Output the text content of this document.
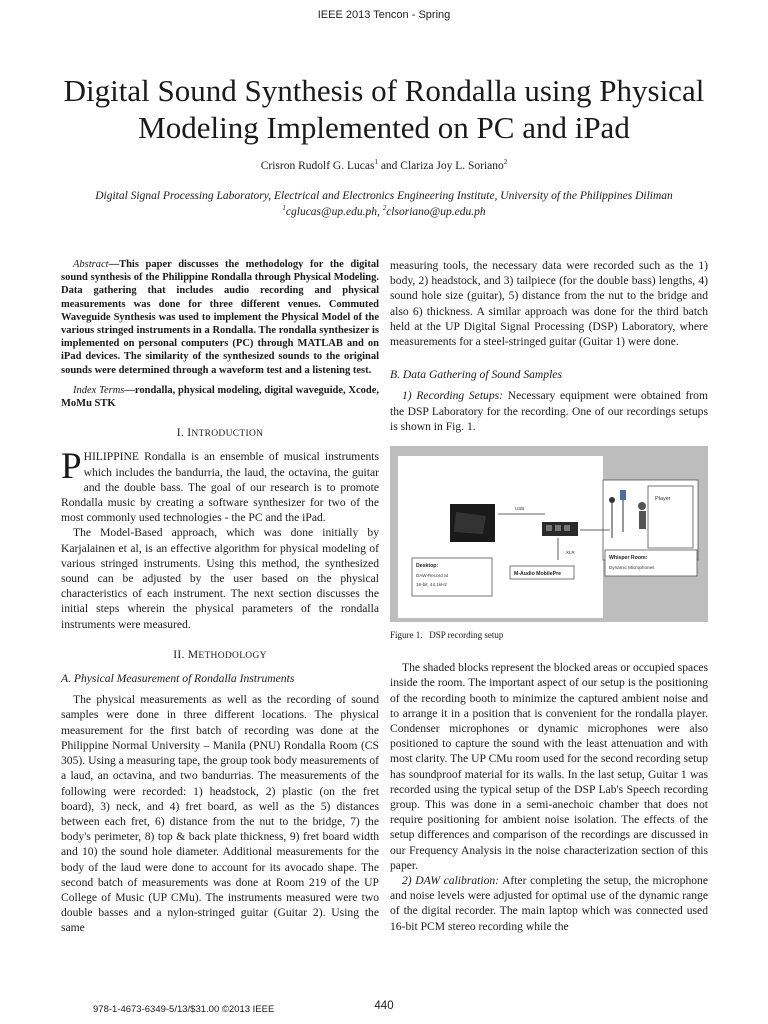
IEEE 2013 Tencon - Spring
Digital Sound Synthesis of Rondalla using Physical
Modeling Implemented on PC and iPad
Crisron Rudolf G. Lucas$^1$ and Clariza Joy L. Soriano$^2$
Digital Signal Processing Laboratory, Electrical and Electronics Engineering Institute, University of the Philippines Diliman
$^1$cglucas@up.edu.ph, $^2$clsoriano@up.edu.ph

Abstract—This paper discusses the methodology for the digital sound synthesis of the Philippine Rondalla through Physical Modeling. Data gathering that includes audio recording and physical measurements was done for three different venues. Commuted Waveguide Synthesis was used to implement the Physical Model of the various stringed instruments in a Rondalla. The rondalla synthesizer is implemented on personal computers (PC) through MATLAB and on iPad devices. The similarity of the synthesized sounds to the original sounds were determined through a waveform test and a listening test.

Index Terms—rondalla, physical modeling, digital waveguide, Xcode, MoMu STK

I. INTRODUCTION

PHILIPPINE Rondalla is an ensemble of musical instruments which includes the bandurria, the laud, the octavina, the guitar and the double bass. The goal of our research is to promote Rondalla music by creating a software synthesizer for two of the most commonly used technologies - the PC and the iPad.

The Model-Based approach, which was done initially by Karjalainen et al, is an effective algorithm for physical modeling of various stringed instruments. Using this method, the synthesized sound can be adjusted by the user based on the physical characteristics of each instrument. The next section discusses the initial steps wherein the physical parameters of the rondalla instruments were measured.

II. METHODOLOGY

A. Physical Measurement of Rondalla Instruments

The physical measurements as well as the recording of sound samples were done in three different locations. The physical measurement for the first batch of recording was done at the Philippine Normal University – Manila (PNU) Rondalla Room (CS 305). Using a measuring tape, the group took body measurements of a laud, an octavina, and two bandurrias. The measurements of the following were recorded: 1) headstock, 2) plastic (on the fret board), 3) neck, and 4) fret board, as well as the 5) distances between each fret, 6) distance from the nut to the bridge, 7) the body's perimeter, 8) top & back plate thickness, 9) fret board width and 10) the sound hole diameter. Additional measurements for the body of the laud were done to account for its avocado shape. The second batch of measurements was done at Room 219 of the UP College of Music (UP CMu). The instruments measured were two double basses and a nylon-stringed guitar (Guitar 2). Using the same

measuring tools, the necessary data were recorded such as the 1) body, 2) headstock, and 3) tailpiece (for the double bass) lengths, 4) sound hole size (guitar), 5) distance from the nut to the bridge and also 6) thickness. A similar approach was done for the third batch held at the UP Digital Signal Processing (DSP) Laboratory, where measurements for a steel-stringed guitar (Guitar 1) were done.

B. Data Gathering of Sound Samples

1) Recording Setups: Necessary equipment were obtained from the DSP Laboratory for the recording. One of our recordings setups is shown in Fig. 1.

USB
XLR
Player
Desktop:
DAW-Record at
16-bit, 44.1kHz
M-Audio MobilePre
Whisper Room:
Dynamic Microphones

Figure 1. DSP recording setup

The shaded blocks represent the blocked areas or occupied spaces inside the room. The important aspect of our setup is the positioning of the recording booth to minimize the captured ambient noise and to arrange it in a position that is convenient for the rondalla player. Condenser microphones or dynamic microphones were also positioned to capture the sound with the least attenuation and with most clarity. The UP CMu room used for the second recording setup has soundproof material for its walls. In the last setup, Guitar 1 was recorded using the typical setup of the DSP Lab's Speech recording group. This was done in a semi-anechoic chamber that does not require positioning for ambient noise isolation. The effects of the setup differences and comparison of the recordings are discussed in our Frequency Analysis in the noise characterization section of this paper.

2) DAW calibration: After completing the setup, the microphone and noise levels were adjusted for optimal use of the dynamic range of the digital recorder. The main laptop which was connected used 16-bit PCM stereo recording while the

978-1-4673-6349-5/13/$31.00 ©2013 IEEE	440
